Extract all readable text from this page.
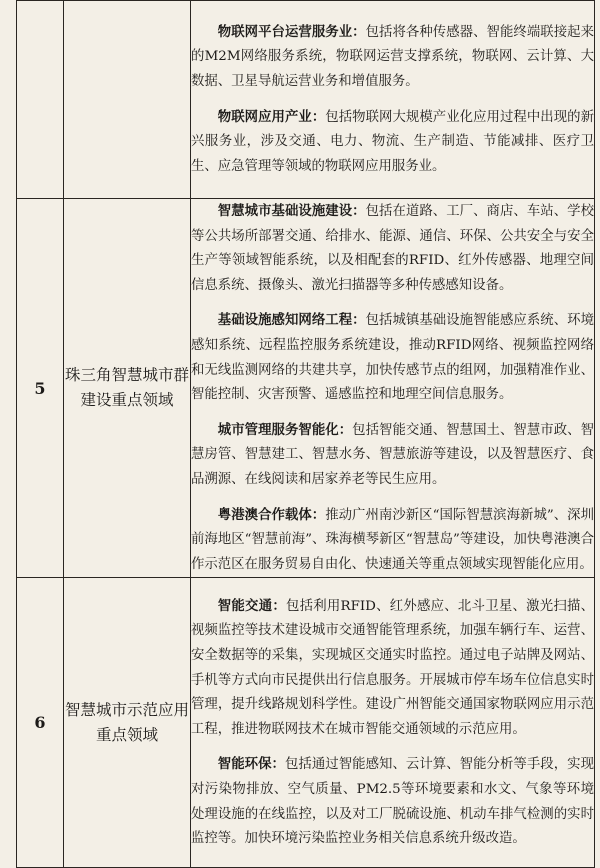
		物联网平台运营服务业：包括将各种传感器、智能终端联接起来的M2M网络服务系统，物联网运营支撑系统，物联网、云计算、大数据、卫星导航运营业务和增值服务。

物联网应用产业：包括物联网大规模产业化应用过程中出现的新兴服务业，涉及交通、电力、物流、生产制造、节能减排、医疗卫生、应急管理等领域的物联网应用服务业。

5	珠三角智慧城市群建设重点领域	智慧城市基础设施建设：包括在道路、工厂、商店、车站、学校等公共场所部署交通、给排水、能源、通信、环保、公共安全与安全生产等领域智能系统，以及相配套的RFID、红外传感器、地理空间信息系统、摄像头、激光扫描器等多种传感感知设备。

基础设施感知网络工程：包括城镇基础设施智能感应系统、环境感知系统、远程监控服务系统建设，推动RFID网络、视频监控网络和无线监测网络的共建共享，加快传感节点的组网，加强精准作业、智能控制、灾害预警、遥感监控和地理空间信息服务。

城市管理服务智能化：包括智能交通、智慧国土、智慧市政、智慧房管、智慧建工、智慧水务、智慧旅游等建设，以及智慧医疗、食品溯源、在线阅读和居家养老等民生应用。

粤港澳合作载体：推动广州南沙新区“国际智慧滨海新城”、深圳前海地区“智慧前海”、珠海横琴新区“智慧岛”等建设，加快粤港澳合作示范区在服务贸易自由化、快速通关等重点领域实现智能化应用。

6	智慧城市示范应用重点领域	智能交通：包括利用RFID、红外感应、北斗卫星、激光扫描、视频监控等技术建设城市交通智能管理系统，加强车辆行车、运营、安全数据等的采集，实现城区交通实时监控。通过电子站牌及网站、手机等方式向市民提供出行信息服务。开展城市停车场车位信息实时管理，提升线路规划科学性。建设广州智能交通国家物联网应用示范工程，推进物联网技术在城市智能交通领域的示范应用。

智能环保：包括通过智能感知、云计算、智能分析等手段，实现对污染物排放、空气质量、PM2.5等环境要素和水文、气象等环境处理设施的在线监控，以及对工厂脱硫设施、机动车排气检测的实时监控等。加快环境污染监控业务相关信息系统升级改造。
